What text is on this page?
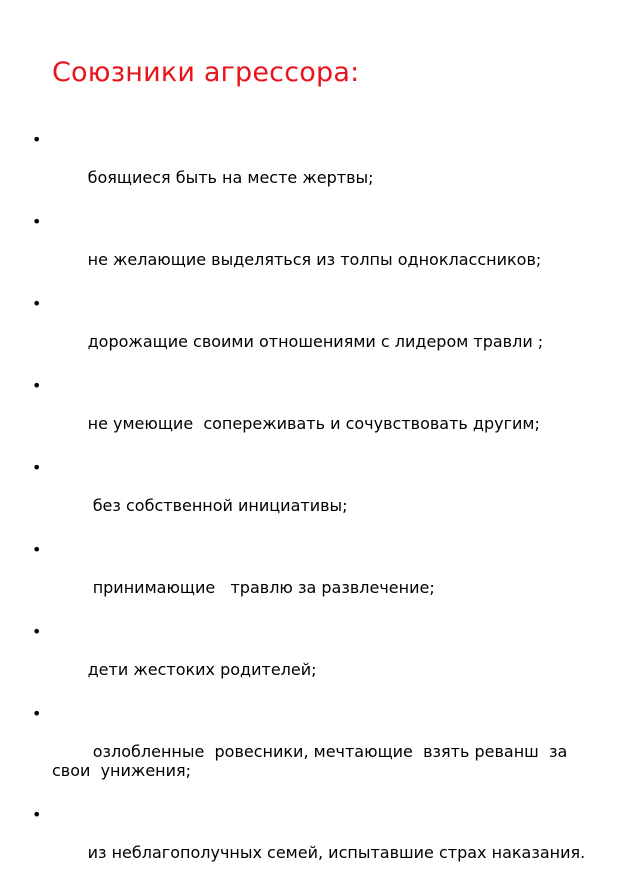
Союзники агрессора:

•

боящиеся быть на месте жертвы;

•

не желающие выделяться из толпы одноклассников;

•

дорожащие своими отношениями с лидером травли ;

•

не умеющие  сопереживать и сочувствовать другим;

•

без собственной инициативы;

•

принимающие   травлю за развлечение;

•

дети жестоких родителей;

•

озлобленные  ровесники, мечтающие  взять реванш  за  свои  унижения;

•

из неблагополучных семей, испытавшие страх наказания.
